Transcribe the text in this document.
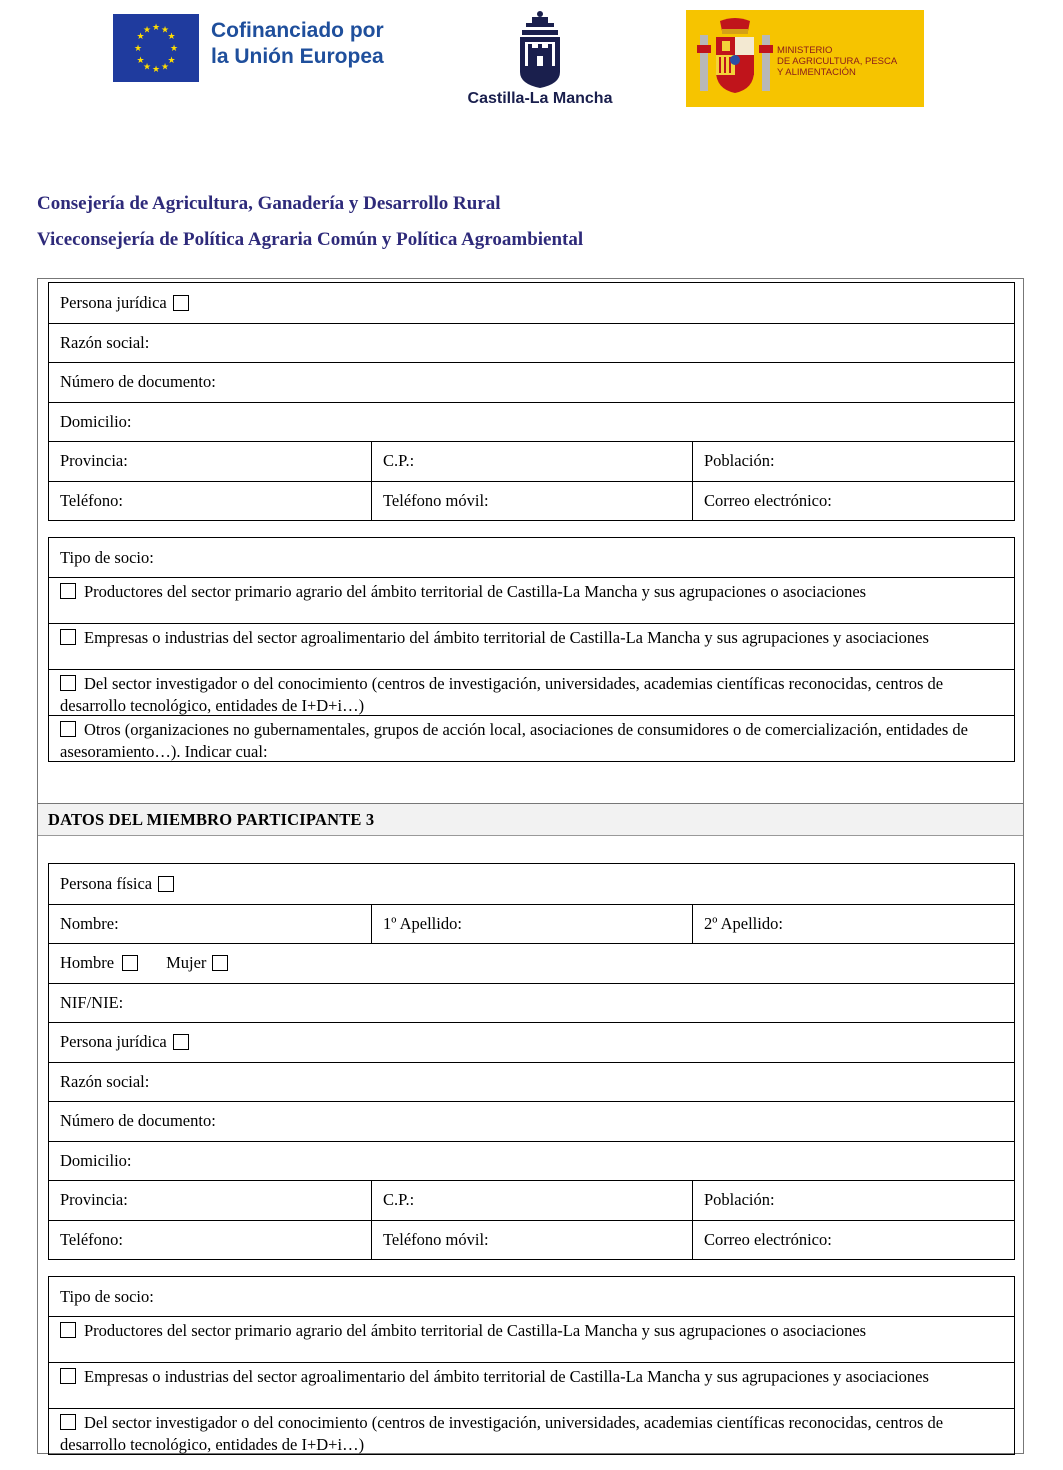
★ ★
★
★
★
★
★
★
★
★
★
★	Cofinanciado por
la Unión Europea
Castilla-La Mancha
MINISTERIO
DE AGRICULTURA, PESCA
Y ALIMENTACIÓN
Consejería de Agricultura, Ganadería y Desarrollo Rural
Viceconsejería de Política Agraria Común y Política Agroambiental
Persona jurídica
Razón social:
Número de documento:
Domicilio:
Provincia:	C.P.:	Población:
Teléfono:	Teléfono móvil:	Correo electrónico:
Tipo de socio:
Productores del sector primario agrario del ámbito territorial de Castilla-La Mancha y sus agrupaciones o asociaciones
Empresas o industrias del sector agroalimentario del ámbito territorial de Castilla-La Mancha y sus agrupaciones y asociaciones
Del sector investigador o del conocimiento (centros de investigación, universidades, academias científicas reconocidas, centros de desarrollo tecnológico, entidades de I+D+i…)
Otros (organizaciones no gubernamentales, grupos de acción local, asociaciones de consumidores o de comercialización, entidades de asesoramiento…). Indicar cual:
DATOS DEL MIEMBRO PARTICIPANTE 3
Persona física
Nombre:	1º Apellido:	2º Apellido:
Hombre	Mujer
NIF/NIE:
Persona jurídica
Razón social:
Número de documento:
Domicilio:
Provincia:	C.P.:	Población:
Teléfono:	Teléfono móvil:	Correo electrónico:
Tipo de socio:
Productores del sector primario agrario del ámbito territorial de Castilla-La Mancha y sus agrupaciones o asociaciones
Empresas o industrias del sector agroalimentario del ámbito territorial de Castilla-La Mancha y sus agrupaciones y asociaciones
Del sector investigador o del conocimiento (centros de investigación, universidades, academias científicas reconocidas, centros de desarrollo tecnológico, entidades de I+D+i…)
